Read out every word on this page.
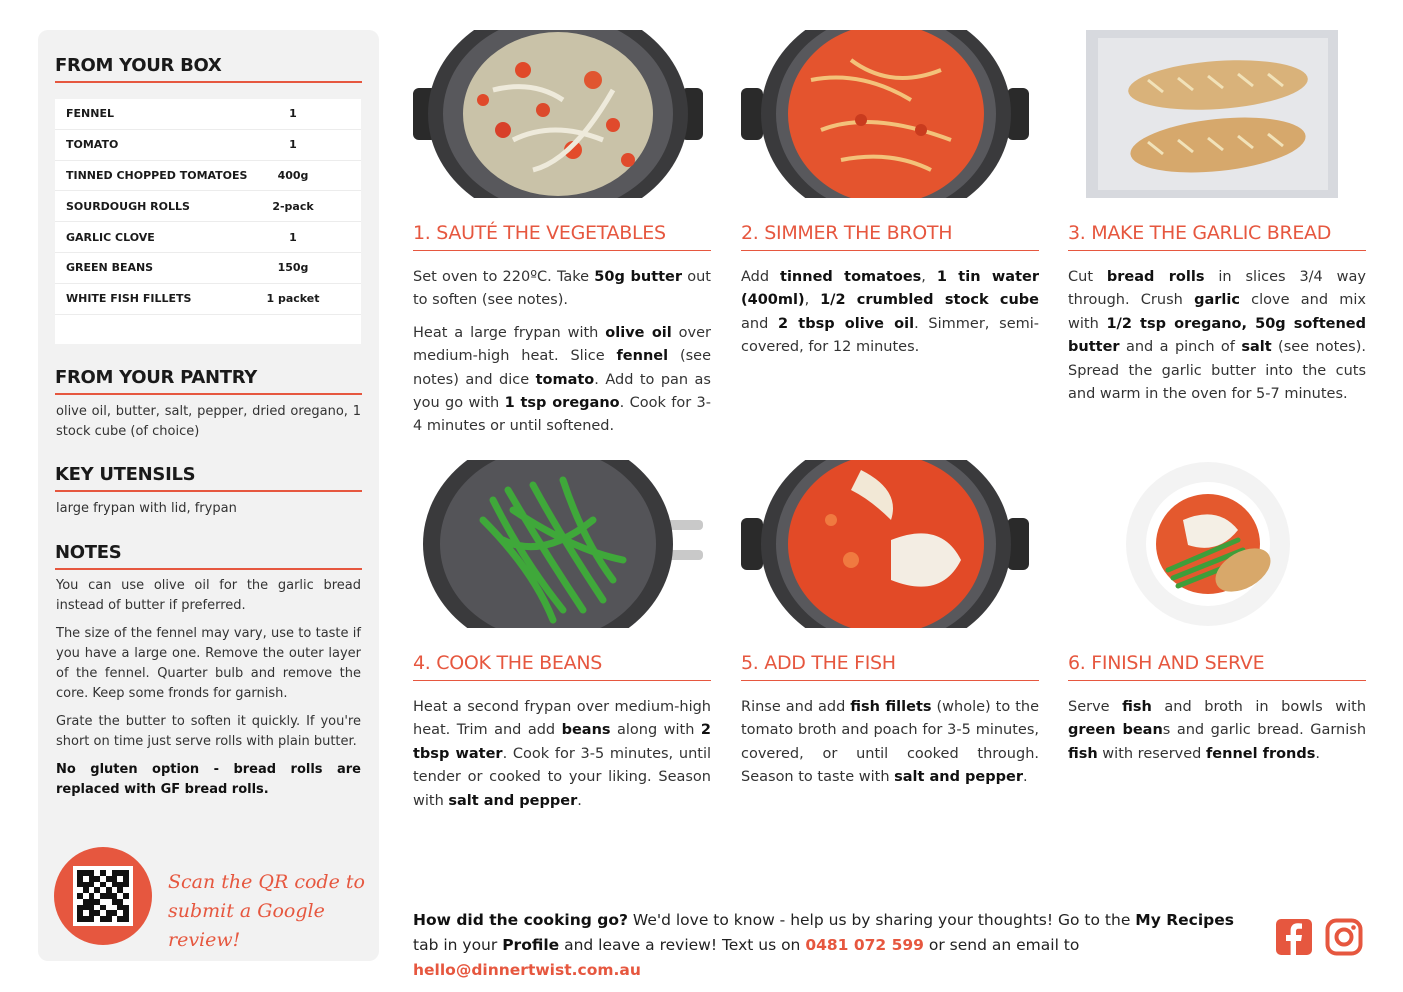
FROM YOUR BOX
FENNEL	1
TOMATO	1
TINNED CHOPPED TOMATOES	400g
SOURDOUGH ROLLS	2-pack
GARLIC CLOVE	1
GREEN BEANS	150g
WHITE FISH FILLETS	1 packet
FROM YOUR PANTRY
olive oil, butter, salt, pepper, dried oregano, 1 stock cube (of choice)
KEY UTENSILS
large frypan with lid, frypan
NOTES

You can use olive oil for the garlic bread instead of butter if preferred.

The size of the fennel may vary, use to taste if you have a large one. Remove the outer layer of the fennel. Quarter bulb and remove the core. Keep some fronds for garnish.

Grate the butter to soften it quickly. If you're short on time just serve rolls with plain butter.

No gluten option - bread rolls are replaced with GF bread rolls.

Scan the QR code to submit a Google review!
1. SAUTÉ THE VEGETABLES

Set oven to 220ºC. Take 50g butter out to soften (see notes).

Heat a large frypan with olive oil over medium-high heat. Slice fennel (see notes) and dice tomato. Add to pan as you go with 1 tsp oregano. Cook for 3-4 minutes or until softened.

2. SIMMER THE BROTH

Add tinned tomatoes, 1 tin water (400ml), 1/2 crumbled stock cube and 2 tbsp olive oil. Simmer, semi-covered, for 12 minutes.

3. MAKE THE GARLIC BREAD

Cut bread rolls in slices 3/4 way through. Crush garlic clove and mix with 1/2 tsp oregano, 50g softened butter and a pinch of salt (see notes). Spread the garlic butter into the cuts and warm in the oven for 5-7 minutes.

4. COOK THE BEANS

Heat a second frypan over medium-high heat. Trim and add beans along with 2 tbsp water. Cook for 3-5 minutes, until tender or cooked to your liking. Season with salt and pepper.

5. ADD THE FISH

Rinse and add fish fillets (whole) to the tomato broth and poach for 3-5 minutes, covered, or until cooked through. Season to taste with salt and pepper.

6. FINISH AND SERVE

Serve fish and broth in bowls with green beans and garlic bread. Garnish fish with reserved fennel fronds.

How did the cooking go? We'd love to know - help us by sharing your thoughts! Go to the My Recipes tab in your Profile and leave a review! Text us on 0481 072 599 or send an email to hello@dinnertwist.com.au
